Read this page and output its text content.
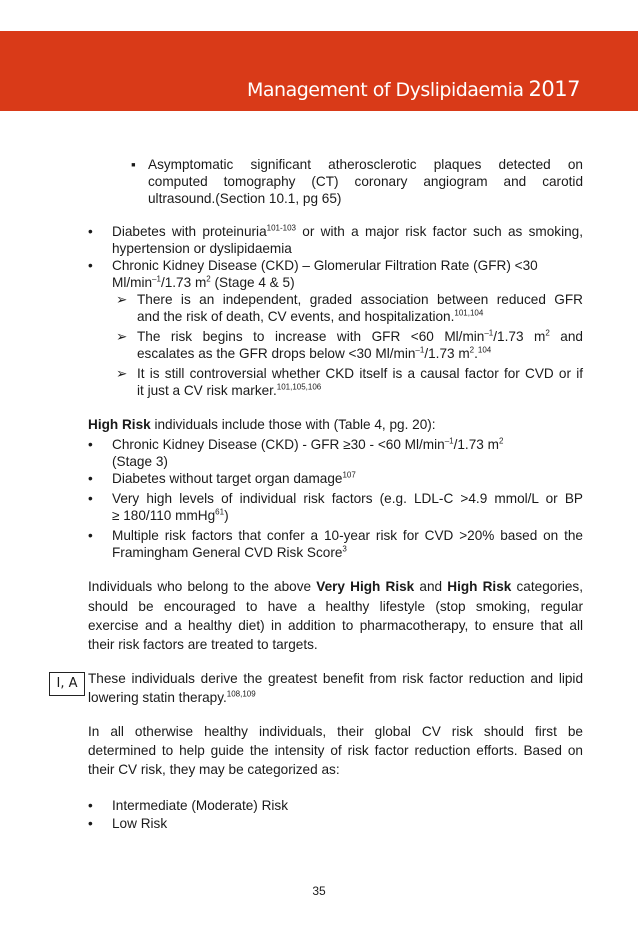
Management of Dyslipidaemia 2017
▪ Asymptomatic significant atherosclerotic plaques detected on
computed tomography (CT) coronary angiogram and carotid
ultrasound.(Section 10.1, pg 65)
• Diabetes with proteinuria$^{101-103}$ or with a major risk factor such as smoking,
hypertension or dyslipidaemia
• Chronic Kidney Disease (CKD) – Glomerular Filtration Rate (GFR) <30
$Ml/\min^{-1}/1.73$ $m^2$ (Stage 4 & 5)
➢ There is an independent, graded association between reduced GFR
and the risk of death, CV events, and hospitalization.$^{101,104}$
➢ The risk begins to increase with GFR <60 $Ml/\min^{-1}/1.73$ $m^2$ and
escalates as the GFR drops below <30 $Ml/\min^{-1}/1.73$ $m^2.^{104}$
➢ It is still controversial whether CKD itself is a causal factor for CVD or if
it just a CV risk marker.$^{101,105,106}$
High Risk individuals include those with (Table 4, pg. 20):
• Chronic Kidney Disease (CKD) - GFR ≥30 - <60 $Ml/\min^{-1}/1.73$ $m^2$
(Stage 3)
• Diabetes without target organ damage$^{107}$
• Very high levels of individual risk factors (e.g. LDL-C >4.9 mmol/L or BP
≥ 180/110 mmHg$^{61}$)
• Multiple risk factors that confer a 10-year risk for CVD >20% based on the
Framingham General CVD Risk Score$^3$
Individuals who belong to the above Very High Risk and High Risk categories,
should be encouraged to have a healthy lifestyle (stop smoking, regular
exercise and a healthy diet) in addition to pharmacotherapy, to ensure that all
their risk factors are treated to targets.
I, A These individuals derive the greatest benefit from risk factor reduction and lipid
lowering statin therapy.$^{108,109}$
In all otherwise healthy individuals, their global CV risk should first be
determined to help guide the intensity of risk factor reduction efforts. Based on
their CV risk, they may be categorized as:
• Intermediate (Moderate) Risk
• Low Risk
35
